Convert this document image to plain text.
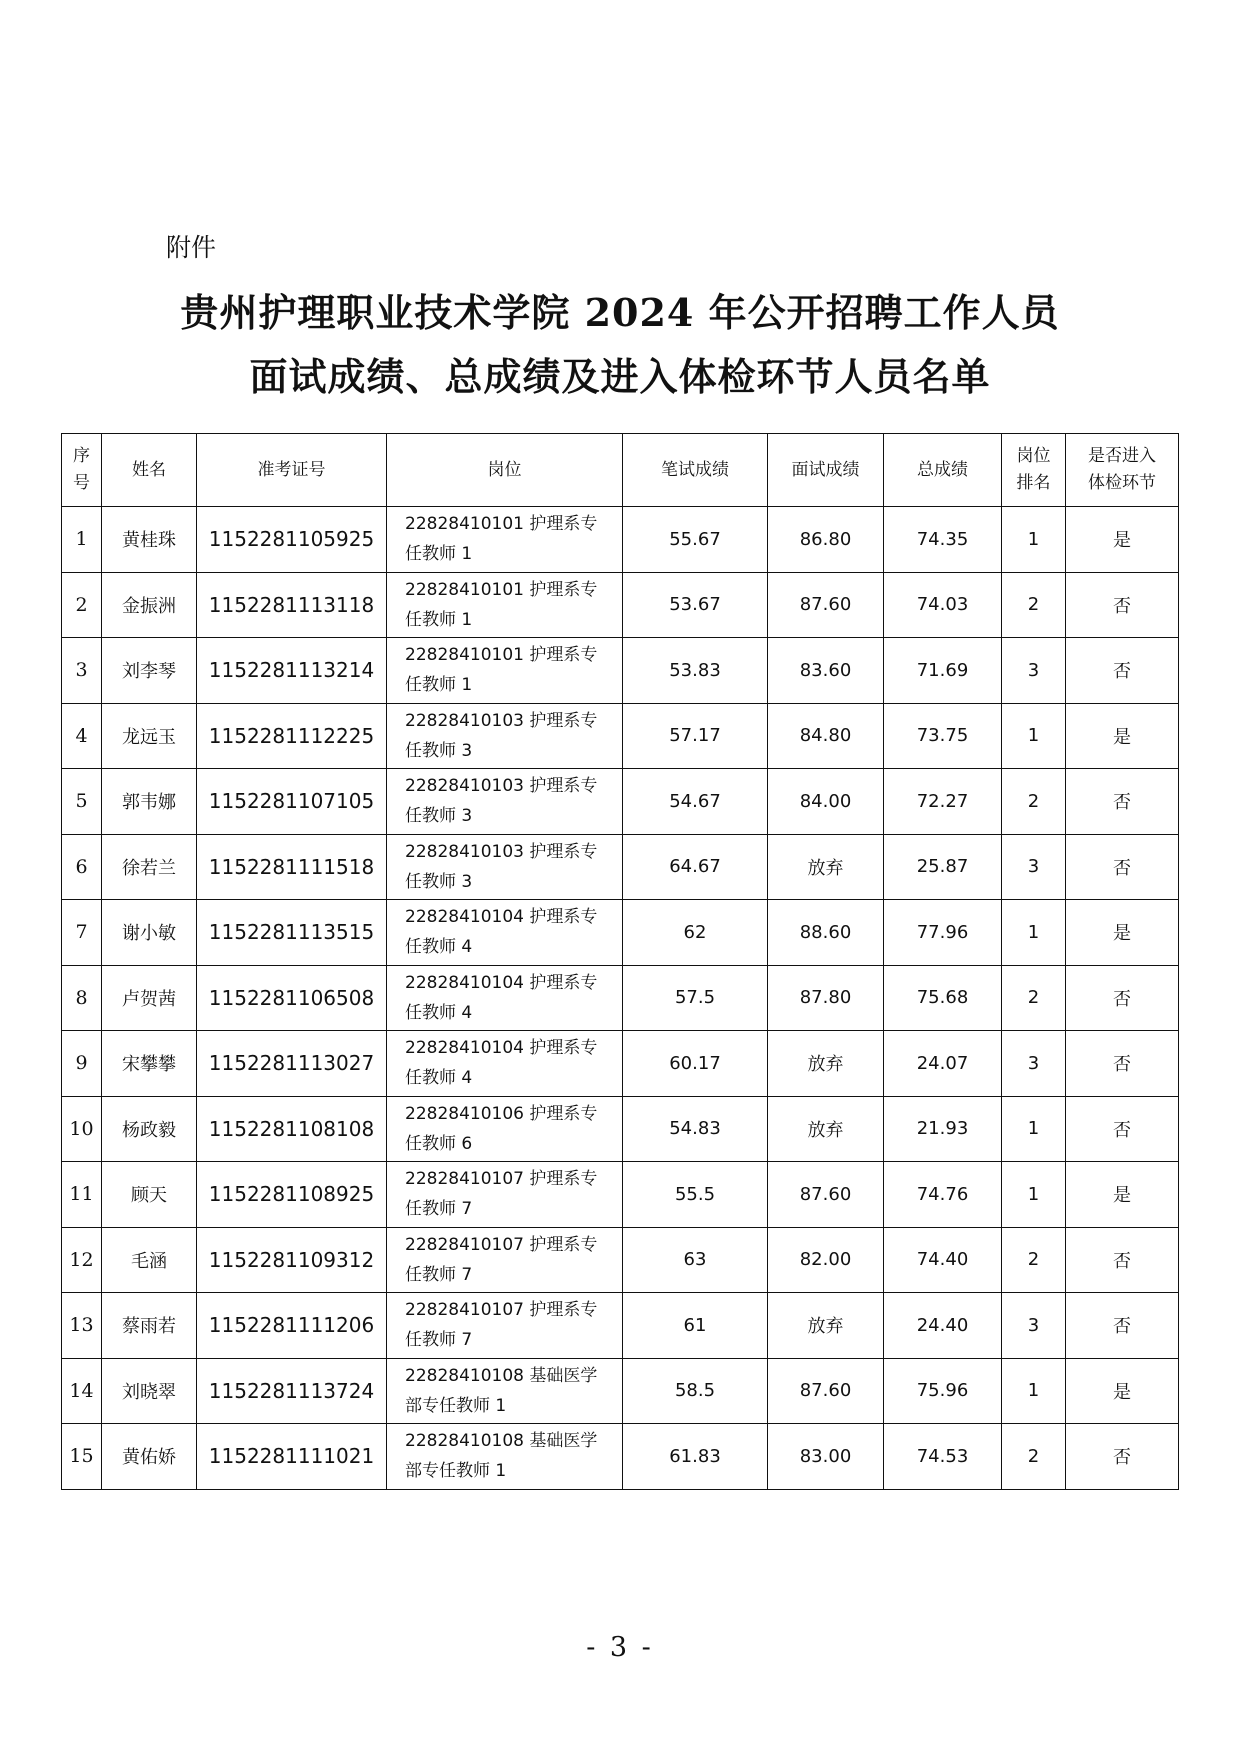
附件
贵州护理职业技术学院 2024 年公开招聘工作人员
面试成绩、总成绩及进入体检环节人员名单
序号	姓名	准考证号	岗位	笔试成绩	面试成绩	总成绩	岗位排名	是否进入体检环节
1	黄桂珠	1152281105925	22828410101 护理系专任教师 1	55.67	86.80	74.35	1	是
2	金振洲	1152281113118	22828410101 护理系专任教师 1	53.67	87.60	74.03	2	否
3	刘李琴	1152281113214	22828410101 护理系专任教师 1	53.83	83.60	71.69	3	否
4	龙远玉	1152281112225	22828410103 护理系专任教师 3	57.17	84.80	73.75	1	是
5	郭韦娜	1152281107105	22828410103 护理系专任教师 3	54.67	84.00	72.27	2	否
6	徐若兰	1152281111518	22828410103 护理系专任教师 3	64.67	放弃	25.87	3	否
7	谢小敏	1152281113515	22828410104 护理系专任教师 4	62	88.60	77.96	1	是
8	卢贺茜	1152281106508	22828410104 护理系专任教师 4	57.5	87.80	75.68	2	否
9	宋攀攀	1152281113027	22828410104 护理系专任教师 4	60.17	放弃	24.07	3	否
10	杨政毅	1152281108108	22828410106 护理系专任教师 6	54.83	放弃	21.93	1	否
11	顾天	1152281108925	22828410107 护理系专任教师 7	55.5	87.60	74.76	1	是
12	毛涵	1152281109312	22828410107 护理系专任教师 7	63	82.00	74.40	2	否
13	蔡雨若	1152281111206	22828410107 护理系专任教师 7	61	放弃	24.40	3	否
14	刘晓翠	1152281113724	22828410108 基础医学部专任教师 1	58.5	87.60	75.96	1	是
15	黄佑娇	1152281111021	22828410108 基础医学部专任教师 1	61.83	83.00	74.53	2	否
- 3 -
